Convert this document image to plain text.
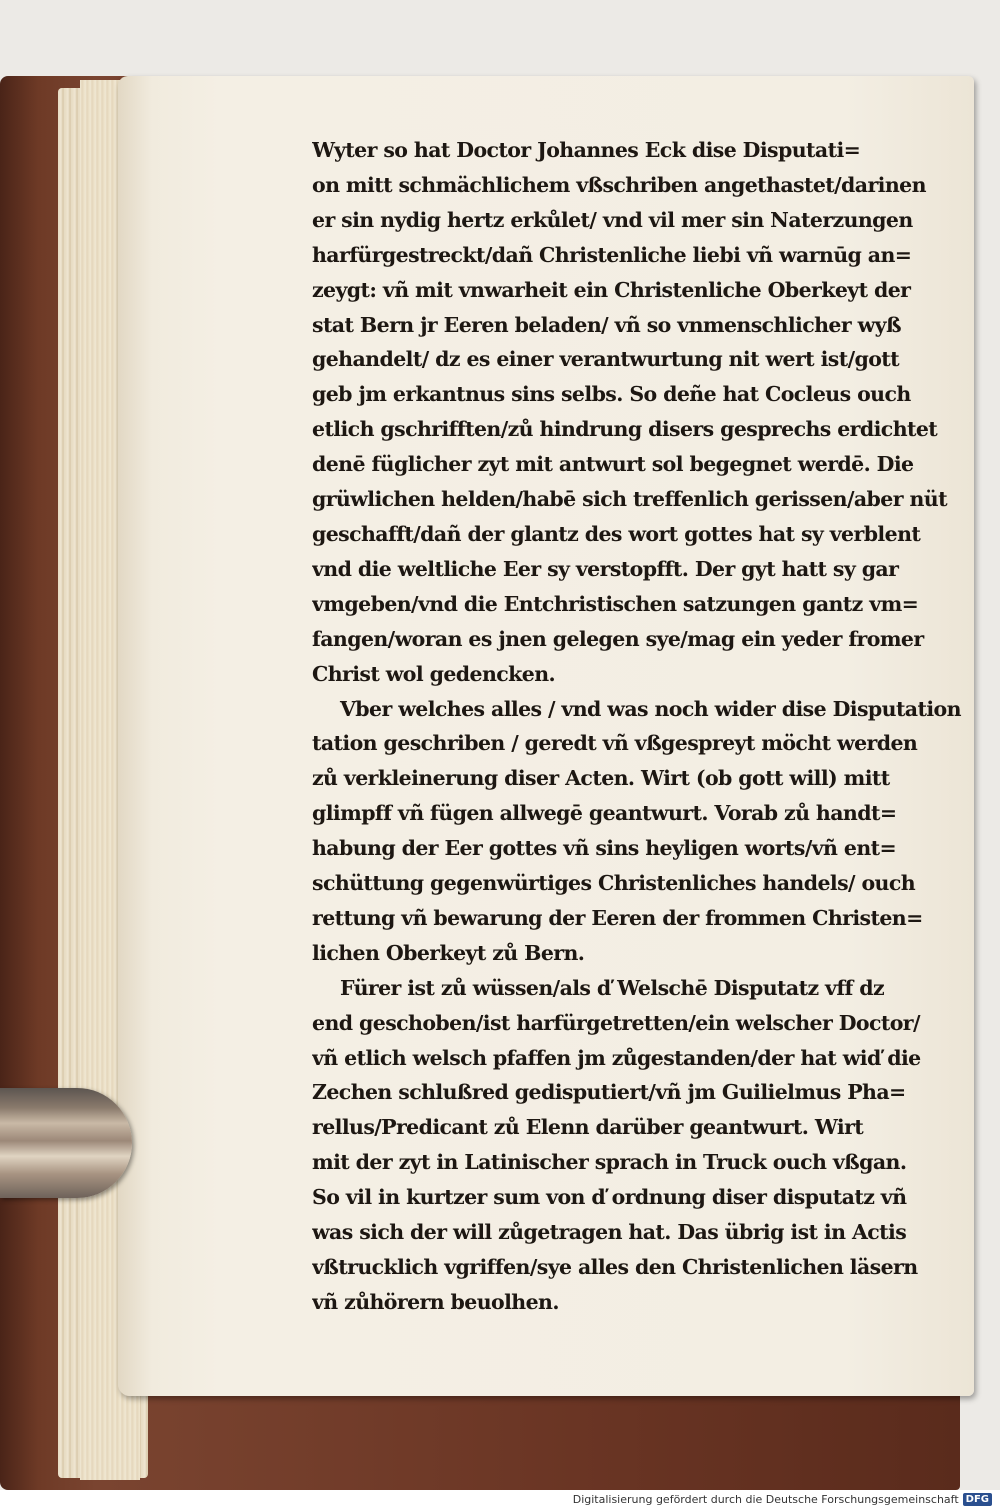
Wyter so hat Doctor Johannes Eck dise Disputati=
on mitt schmächlichem vßschriben angethastet/darinen
er sin nydig hertz erkůlet/ vnd vil mer sin Naterzungen
harfürgestreckt/dañ Christenliche liebi vñ warnūg an=
zeygt: vñ mit vnwarheit ein Christenliche Oberkeyt der
stat Bern jr Eeren beladen/ vñ so vnmenschlicher wyß
gehandelt/ dz es einer verantwurtung nit wert ist/gott
geb jm erkantnus sins selbs. So deñe hat Cocleus ouch
etlich gschrifften/zů hindrung disers gesprechs erdichtet
denē füglicher zyt mit antwurt sol begegnet werdē. Die
grüwlichen helden/habē sich treffenlich gerissen/aber nüt
geschafft/dañ der glantz des wort gottes hat sy verblent
vnd die weltliche Eer sy verstopfft. Der gyt hatt sy gar
vmgeben/vnd die Entchristischen satzungen gantz vm=
fangen/woran es jnen gelegen sye/mag ein yeder fromer
Christ wol gedencken.
Vber welches alles / vnd was noch wider dise Disputation
tation geschriben / geredt vñ vßgespreyt möcht werden
zů verkleinerung diser Acten. Wirt (ob gott will) mitt
glimpff vñ fügen allwegē geantwurt. Vorab zů handt=
habung der Eer gottes vñ sins heyligen worts/vñ ent=
schüttung gegenwürtiges Christenliches handels/ ouch
rettung vñ bewarung der Eeren der frommen Christen=
lichen Oberkeyt zů Bern.
Fürer ist zů wüssen/als ď Welschē Disputatz vff dz
end geschoben/ist harfürgetretten/ein welscher Doctor/
vñ etlich welsch pfaffen jm zůgestanden/der hat wiď die
Zechen schlußred gedisputiert/vñ jm Guilielmus Pha=
rellus/Predicant zů Elenn darüber geantwurt. Wirt
mit der zyt in Latinischer sprach in Truck ouch vßgan.
So vil in kurtzer sum von ď ordnung diser disputatz vñ
was sich der will zůgetragen hat. Das übrig ist in Actis
vßtrucklich vgriffen/sye alles den Christenlichen läsern
vñ zůhörern beuolhen.
Digitalisierung gefördert durch die Deutsche Forschungsgemeinschaft DFG
